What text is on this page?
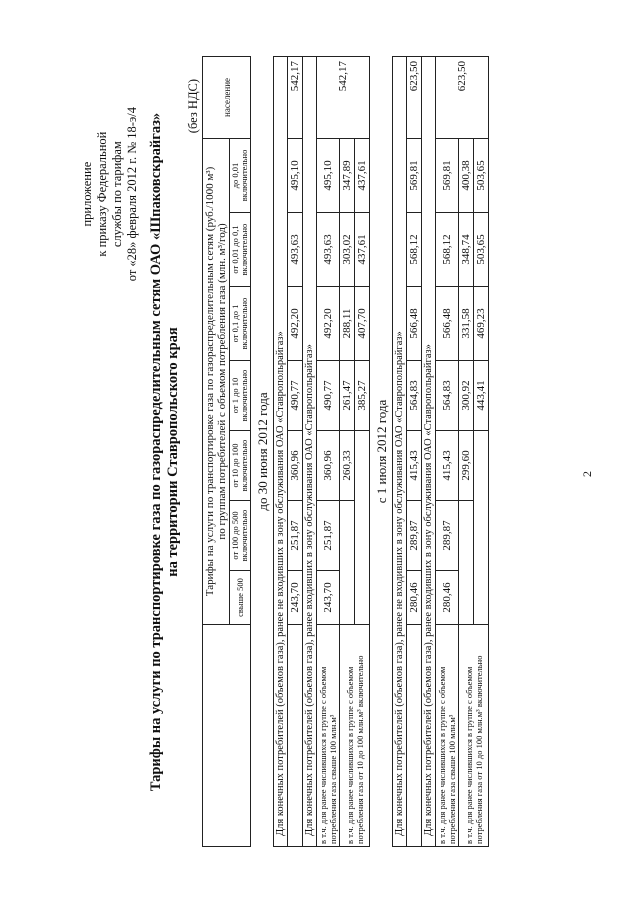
приложение к приказу Федеральной службы по тарифам от «28» февраля 2012 г. № 18-э/4 Тарифы на услуги по транспортировке газа по газораспределительным сетям ОАО «Шпаковскрайгаз» на территории Ставропольского края
(без НДС)

	Тарифы на услуги по транспортировке газа по газораспределительным сетям (руб./1000 м³) по группам потребителей с объемом потребления газа (млн. м³/год)							население
	свыше 500	от 100 до 500 включительно	от 10 до 100 включительно	от 1 до 10 включительно	от 0,1 до 1 включительно	от 0,01 до 0,1 включительно	до 0,01 включительно	
до 30 июня 2012 года								
Для конечных потребителей (объемов газа), ранее не входивших в зону обслуживания ОАО «Ставропольрайгаз»								
	243,70	251,87	360,96	490,77	492,20	493,63	495,10	542,17
Для конечных потребителей (объемов газа), ранее входивших в зону обслуживания ОАО «Ставропольрайгаз»								
в т.ч. для ранее числившихся в группе с объемом потребления газа свыше 100 млн.м³	243,70	251,87	360,96	490,77	492,20	493,63	495,10	542,17
в т.ч. для ранее числившихся в группе с объемом потребления газа от 10 до 100 млн.м³ включительно			260,33	261,47	288,11	303,02	347,89	
				385,27	407,70	437,61	437,61	
с 1 июля 2012 года								
Для конечных потребителей (объемов газа), ранее не входивших в зону обслуживания ОАО «Ставропольрайгаз»								
	280,46	289,87	415,43	564,83	566,48	568,12	569,81	623,50
Для конечных потребителей (объемов газа), ранее входивших в зону обслуживания ОАО «Ставропольрайгаз»								
в т.ч. для ранее числившихся в группе с объемом потребления газа свыше 100 млн.м³	280,46	289,87	415,43	564,83	566,48	568,12	569,81	623,50
в т.ч. для ранее числившихся в группе с объемом потребления газа от 10 до 100 млн.м³ включительно			299,60	300,92	331,58	348,74	400,38	
				443,41	469,23	503,65	503,65	
2
